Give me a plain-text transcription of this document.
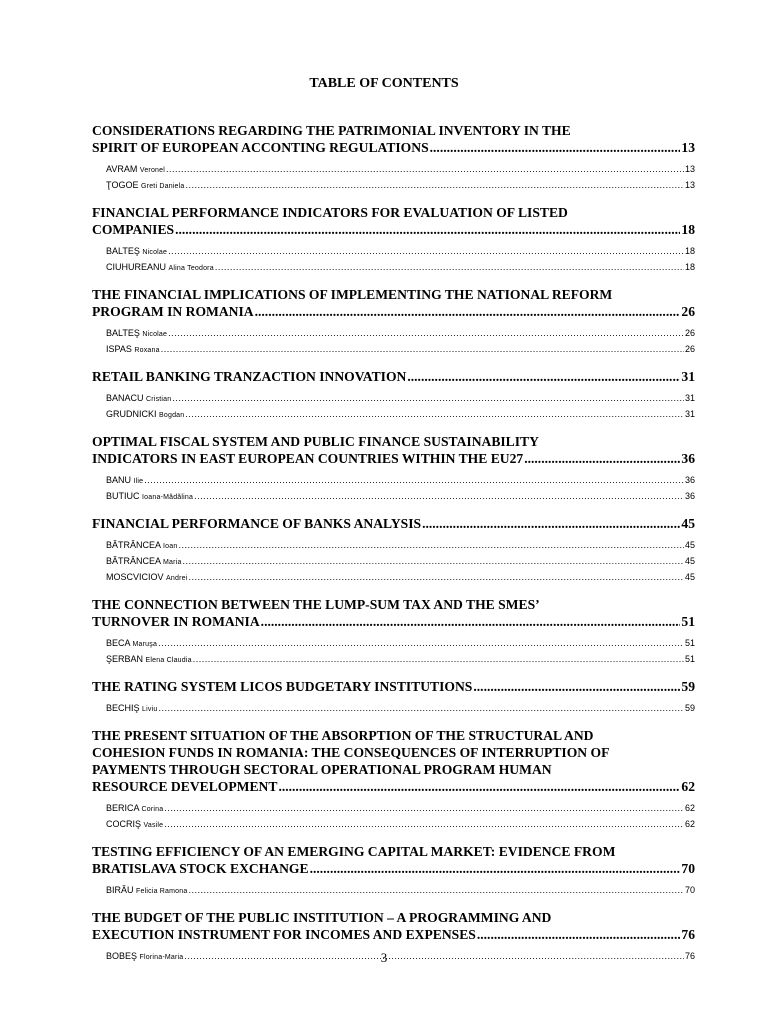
TABLE OF CONTENTS
CONSIDERATIONS REGARDING THE PATRIMONIAL INVENTORY IN THE
SPIRIT OF EUROPEAN ACCONTING REGULATIONS .....	13
AVRAM Veronel .....	13
ŢOGOE Greti Daniela .....	13
FINANCIAL PERFORMANCE INDICATORS FOR EVALUATION OF LISTED
COMPANIES .....	18
BALTEŞ Nicolae .....	18
CIUHUREANU Alina Teodora .....	18
THE FINANCIAL IMPLICATIONS OF IMPLEMENTING THE NATIONAL REFORM
PROGRAM IN ROMANIA .....	26
BALTEŞ Nicolae .....	26
ISPAS Roxana .....	26
RETAIL BANKING TRANZACTION INNOVATION .....	31
BANACU Cristian .....	31
GRUDNICKI Bogdan .....	31
OPTIMAL FISCAL SYSTEM AND PUBLIC FINANCE SUSTAINABILITY
INDICATORS IN EAST EUROPEAN COUNTRIES WITHIN THE EU27 .....	36
BANU Ilie .....	36
BUTIUC Ioana-Mădălina .....	36
FINANCIAL PERFORMANCE OF BANKS ANALYSIS .....	45
BĂTRÂNCEA Ioan .....	45
BĂTRÂNCEA Maria .....	45
MOSCVICIOV Andrei .....	45
THE CONNECTION BETWEEN THE LUMP-SUM TAX AND THE SMES’
TURNOVER IN ROMANIA .....	51
BECA Maruşa .....	51
ŞERBAN Elena Claudia .....	51
THE RATING SYSTEM LICOS BUDGETARY INSTITUTIONS .....	59
BECHIŞ Liviu .....	59
THE PRESENT SITUATION OF THE ABSORPTION OF THE STRUCTURAL AND
COHESION FUNDS IN ROMANIA: THE CONSEQUENCES OF INTERRUPTION OF
PAYMENTS THROUGH SECTORAL OPERATIONAL PROGRAM HUMAN
RESOURCE DEVELOPMENT .....	62
BERICA Corina .....	62
COCRIŞ Vasile .....	62
TESTING EFFICIENCY OF AN EMERGING CAPITAL MARKET: EVIDENCE FROM
BRATISLAVA STOCK EXCHANGE .....	70
BIRĂU Felicia Ramona .....	70
THE BUDGET OF THE PUBLIC INSTITUTION – A PROGRAMMING AND
EXECUTION INSTRUMENT FOR INCOMES AND EXPENSES .....	76
BOBEŞ Florina-Maria .....	76
3
